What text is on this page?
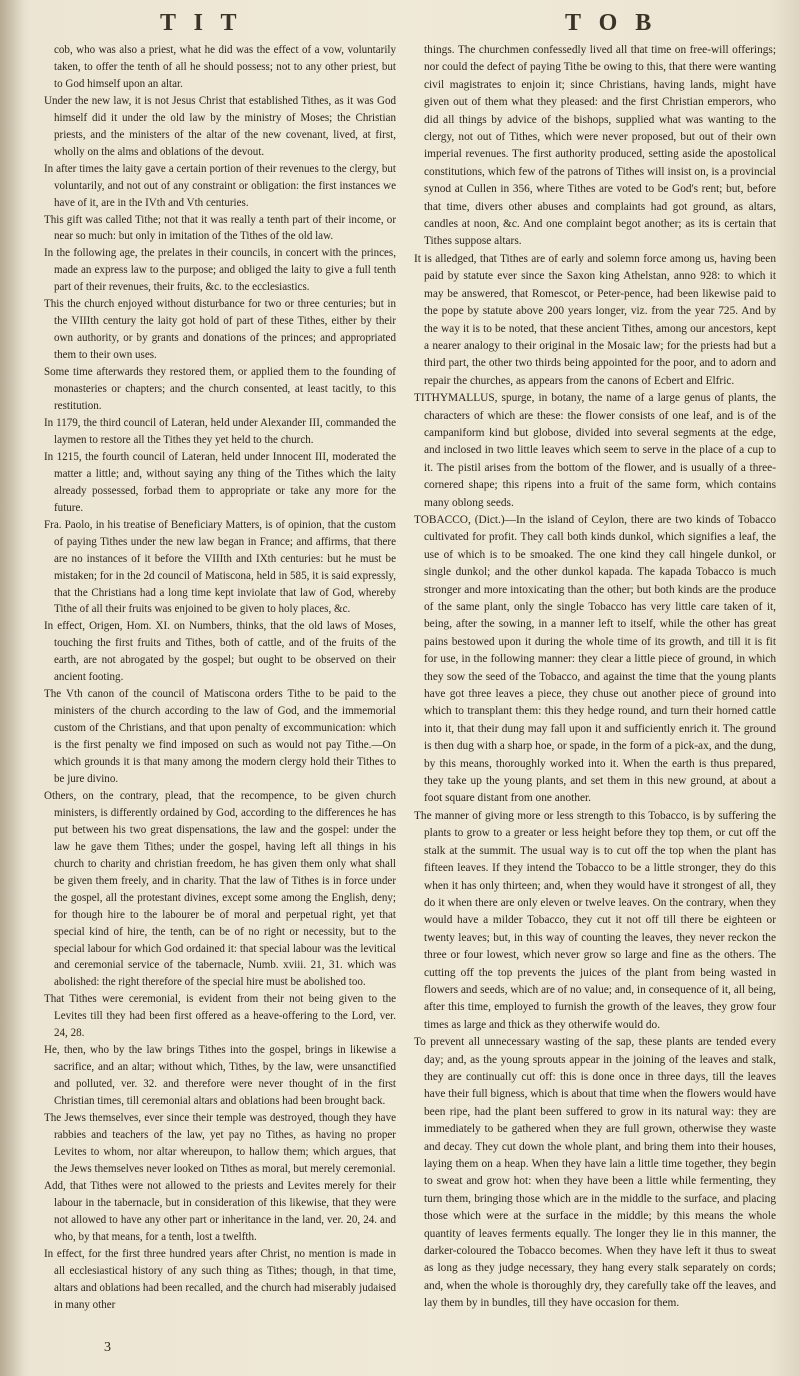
T I T	T O B

cob, who was also a priest, what he did was the effect of a vow, voluntarily taken, to offer the tenth of all he should possess; not to any other priest, but to God himself upon an altar.

Under the new law, it is not Jesus Christ that established Tithes, as it was God himself did it under the old law by the ministry of Moses; the Christian priests, and the ministers of the altar of the new covenant, lived, at first, wholly on the alms and oblations of the devout.

In after times the laity gave a certain portion of their revenues to the clergy, but voluntarily, and not out of any constraint or obligation: the first instances we have of it, are in the IVth and Vth centuries.

This gift was called Tithe; not that it was really a tenth part of their income, or near so much: but only in imitation of the Tithes of the old law.

In the following age, the prelates in their councils, in concert with the princes, made an express law to the purpose; and obliged the laity to give a full tenth part of their revenues, their fruits, &c. to the ecclesiastics.

This the church enjoyed without disturbance for two or three centuries; but in the VIIIth century the laity got hold of part of these Tithes, either by their own authority, or by grants and donations of the princes; and appropriated them to their own uses.

Some time afterwards they restored them, or applied them to the founding of monasteries or chapters; and the church consented, at least tacitly, to this restitution.

In 1179, the third council of Lateran, held under Alexander III, commanded the laymen to restore all the Tithes they yet held to the church.

In 1215, the fourth council of Lateran, held under Innocent III, moderated the matter a little; and, without saying any thing of the Tithes which the laity already possessed, forbad them to appropriate or take any more for the future.

Fra. Paolo, in his treatise of Beneficiary Matters, is of opinion, that the custom of paying Tithes under the new law began in France; and affirms, that there are no instances of it before the VIIIth and IXth centuries: but he must be mistaken; for in the 2d council of Matiscona, held in 585, it is said expressly, that the Christians had a long time kept inviolate that law of God, whereby Tithe of all their fruits was enjoined to be given to holy places, &c.

In effect, Origen, Hom. XI. on Numbers, thinks, that the old laws of Moses, touching the first fruits and Tithes, both of cattle, and of the fruits of the earth, are not abrogated by the gospel; but ought to be observed on their ancient footing.

The Vth canon of the council of Matiscona orders Tithe to be paid to the ministers of the church according to the law of God, and the immemorial custom of the Christians, and that upon penalty of excommunication: which is the first penalty we find imposed on such as would not pay Tithe.—On which grounds it is that many among the modern clergy hold their Tithes to be jure divino.

Others, on the contrary, plead, that the recompence, to be given church ministers, is differently ordained by God, according to the differences he has put between his two great dispensations, the law and the gospel: under the law he gave them Tithes; under the gospel, having left all things in his church to charity and christian freedom, he has given them only what shall be given them freely, and in charity. That the law of Tithes is in force under the gospel, all the protestant divines, except some among the English, deny; for though hire to the labourer be of moral and perpetual right, yet that special kind of hire, the tenth, can be of no right or necessity, but to the special labour for which God ordained it: that special labour was the levitical and ceremonial service of the tabernacle, Numb. xviii. 21, 31. which was abolished: the right therefore of the special hire must be abolished too.

That Tithes were ceremonial, is evident from their not being given to the Levites till they had been first offered as a heave-offering to the Lord, ver. 24, 28.

He, then, who by the law brings Tithes into the gospel, brings in likewise a sacrifice, and an altar; without which, Tithes, by the law, were unsanctified and polluted, ver. 32. and therefore were never thought of in the first Christian times, till ceremonial altars and oblations had been brought back.

The Jews themselves, ever since their temple was destroyed, though they have rabbies and teachers of the law, yet pay no Tithes, as having no proper Levites to whom, nor altar whereupon, to hallow them; which argues, that the Jews themselves never looked on Tithes as moral, but merely ceremonial.

Add, that Tithes were not allowed to the priests and Levites merely for their labour in the tabernacle, but in consideration of this likewise, that they were not allowed to have any other part or inheritance in the land, ver. 20, 24. and who, by that means, for a tenth, lost a twelfth.

In effect, for the first three hundred years after Christ, no mention is made in all ecclesiastical history of any such thing as Tithes; though, in that time, altars and oblations had been recalled, and the church had miserably judaised in many other

things. The churchmen confessedly lived all that time on free-will offerings; nor could the defect of paying Tithe be owing to this, that there were wanting civil magistrates to enjoin it; since Christians, having lands, might have given out of them what they pleased: and the first Christian emperors, who did all things by advice of the bishops, supplied what was wanting to the clergy, not out of Tithes, which were never proposed, but out of their own imperial revenues. The first authority produced, setting aside the apostolical constitutions, which few of the patrons of Tithes will insist on, is a provincial synod at Cullen in 356, where Tithes are voted to be God's rent; but, before that time, divers other abuses and complaints had got ground, as altars, candles at noon, &c. And one complaint begot another; as its is certain that Tithes suppose altars.

It is alledged, that Tithes are of early and solemn force among us, having been paid by statute ever since the Saxon king Athelstan, anno 928: to which it may be answered, that Romescot, or Peter-pence, had been likewise paid to the pope by statute above 200 years longer, viz. from the year 725. And by the way it is to be noted, that these ancient Tithes, among our ancestors, kept a nearer analogy to their original in the Mosaic law; for the priests had but a third part, the other two thirds being appointed for the poor, and to adorn and repair the churches, as appears from the canons of Ecbert and Elfric.

TITHYMALLUS, spurge, in botany, the name of a large genus of plants, the characters of which are these: the flower consists of one leaf, and is of the campaniform kind but globose, divided into several segments at the edge, and inclosed in two little leaves which seem to serve in the place of a cup to it. The pistil arises from the bottom of the flower, and is usually of a three-cornered shape; this ripens into a fruit of the same form, which contains many oblong seeds.

TOBACCO, (Dict.)—In the island of Ceylon, there are two kinds of Tobacco cultivated for profit. They call both kinds dunkol, which signifies a leaf, the use of which is to be smoaked. The one kind they call hingele dunkol, or single dunkol; and the other dunkol kapada. The kapada Tobacco is much stronger and more intoxicating than the other; but both kinds are the produce of the same plant, only the single Tobacco has very little care taken of it, being, after the sowing, in a manner left to itself, while the other has great pains bestowed upon it during the whole time of its growth, and till it is fit for use, in the following manner: they clear a little piece of ground, in which they sow the seed of the Tobacco, and against the time that the young plants have got three leaves a piece, they chuse out another piece of ground into which to transplant them: this they hedge round, and turn their horned cattle into it, that their dung may fall upon it and sufficiently enrich it. The ground is then dug with a sharp hoe, or spade, in the form of a pick-ax, and the dung, by this means, thoroughly worked into it. When the earth is thus prepared, they take up the young plants, and set them in this new ground, at about a foot square distant from one another.

The manner of giving more or less strength to this Tobacco, is by suffering the plants to grow to a greater or less height before they top them, or cut off the stalk at the summit. The usual way is to cut off the top when the plant has fifteen leaves. If they intend the Tobacco to be a little stronger, they do this when it has only thirteen; and, when they would have it strongest of all, they do it when there are only eleven or twelve leaves. On the contrary, when they would have a milder Tobacco, they cut it not off till there be eighteen or twenty leaves; but, in this way of counting the leaves, they never reckon the three or four lowest, which never grow so large and fine as the others. The cutting off the top prevents the juices of the plant from being wasted in flowers and seeds, which are of no value; and, in consequence of it, all being, after this time, employed to furnish the growth of the leaves, they grow four times as large and thick as they otherwife would do.

To prevent all unnecessary wasting of the sap, these plants are tended every day; and, as the young sprouts appear in the joining of the leaves and stalk, they are continually cut off: this is done once in three days, till the leaves have their full bigness, which is about that time when the flowers would have been ripe, had the plant been suffered to grow in its natural way: they are immediately to be gathered when they are full grown, otherwise they waste and decay. They cut down the whole plant, and bring them into their houses, laying them on a heap. When they have lain a little time together, they begin to sweat and grow hot: when they have been a little while fermenting, they turn them, bringing those which are in the middle to the surface, and placing those which were at the surface in the middle; by this means the whole quantity of leaves ferments equally. The longer they lie in this manner, the darker-coloured the Tobacco becomes. When they have left it thus to sweat as long as they judge necessary, they hang every stalk separately on cords; and, when the whole is thoroughly dry, they carefully take off the leaves, and lay them by in bundles, till they have occasion for them.

3
